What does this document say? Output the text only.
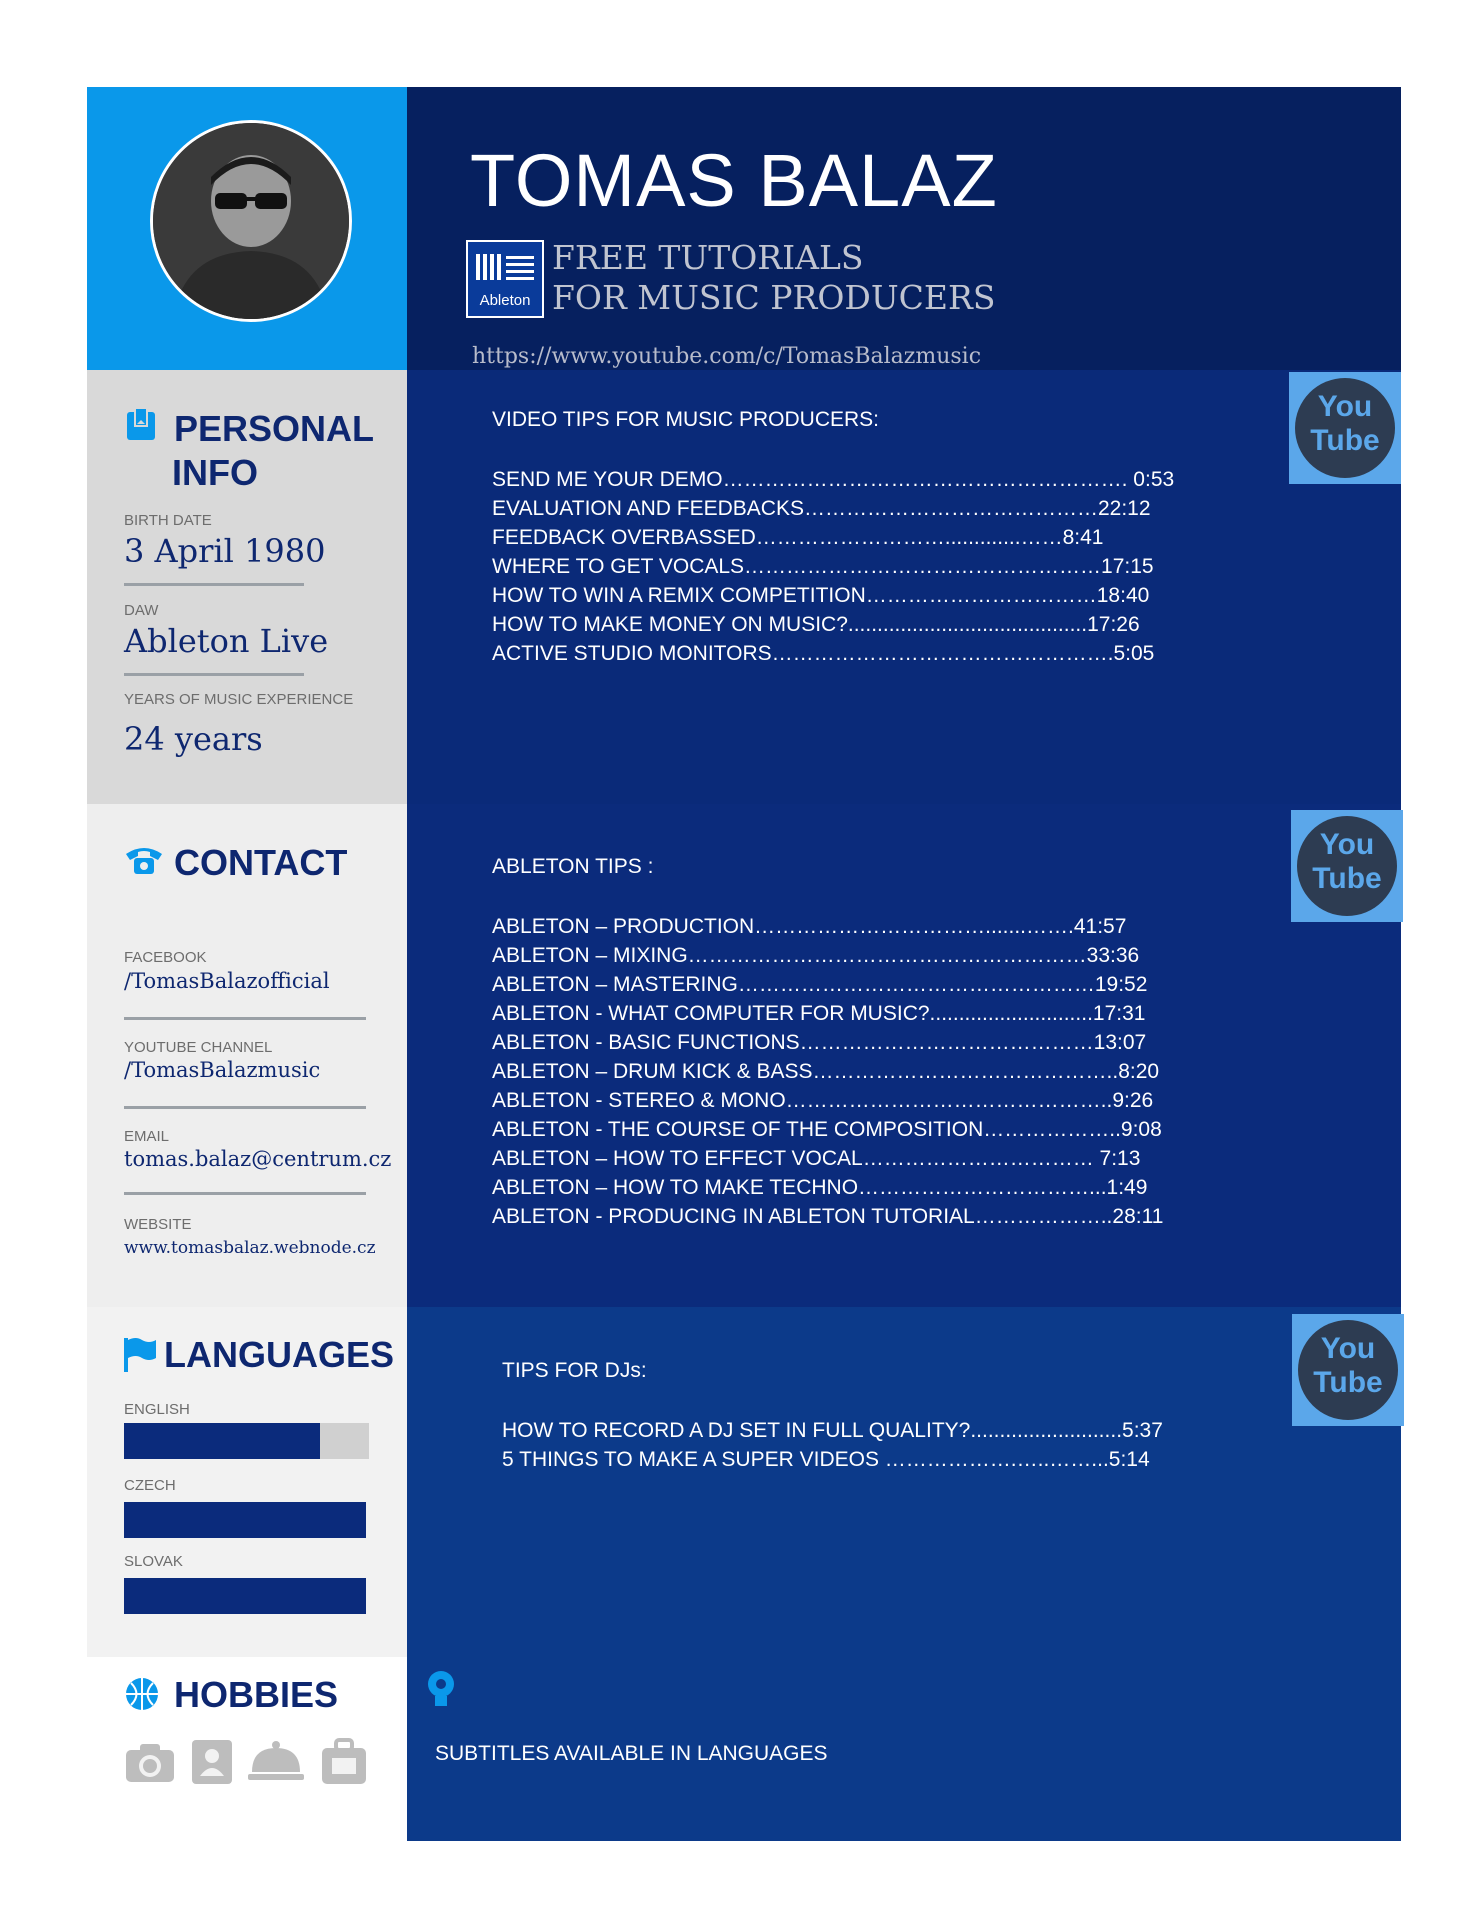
TOMAS BALAZ
Ableton
FREE TUTORIALS
FOR MUSIC PRODUCERS
https://www.youtube.com/c/TomasBalazmusic
PERSONAL
INFO
BIRTH DATE
3 April 1980
DAW
Ableton Live
YEARS OF MUSIC EXPERIENCE
24 years
CONTACT
FACEBOOK
/TomasBalazofficial
YOUTUBE CHANNEL
/TomasBalazmusic
EMAIL
tomas.balaz@centrum.cz
WEBSITE
www.tomasbalaz.webnode.cz
LANGUAGES
ENGLISH
CZECH
SLOVAK
HOBBIES
VIDEO TIPS FOR MUSIC PRODUCERS:
SEND ME YOUR DEMO…………………………………………………. 0:53
EVALUATION AND FEEDBACKS……………………………………22:12
FEEDBACK OVERBASSED……………………….............……8:41
WHERE TO GET VOCALS……………………………………………17:15
HOW TO WIN A REMIX COMPETITION……………………………18:40
HOW TO MAKE MONEY ON MUSIC?.........................................17:26
ACTIVE STUDIO MONITORS………………………………………….5:05
ABLETON TIPS :
ABLETON – PRODUCTION…………………………….......…….41:57
ABLETON – MIXING…………………………………………………33:36
ABLETON – MASTERING……………………………………………19:52
ABLETON - WHAT COMPUTER FOR MUSIC?............................17:31
ABLETON - BASIC FUNCTIONS……………………………………13:07
ABLETON – DRUM KICK & BASS……………………………………..8:20
ABLETON - STEREO & MONO………………………………………..9:26
ABLETON - THE COURSE OF THE COMPOSITION………………..9:08
ABLETON – HOW TO EFFECT VOCAL…………………………… 7:13
ABLETON – HOW TO MAKE TECHNO……………………………...1:49
ABLETON - PRODUCING IN ABLETON TUTORIAL………………..28:11
TIPS FOR DJs:
HOW TO RECORD A DJ SET IN FULL QUALITY?..........................5:37
5 THINGS TO MAKE A SUPER VIDEOS ……………….…..……...5:14
SUBTITLES AVAILABLE IN LANGUAGES
You
Tube
You
Tube
You
Tube
